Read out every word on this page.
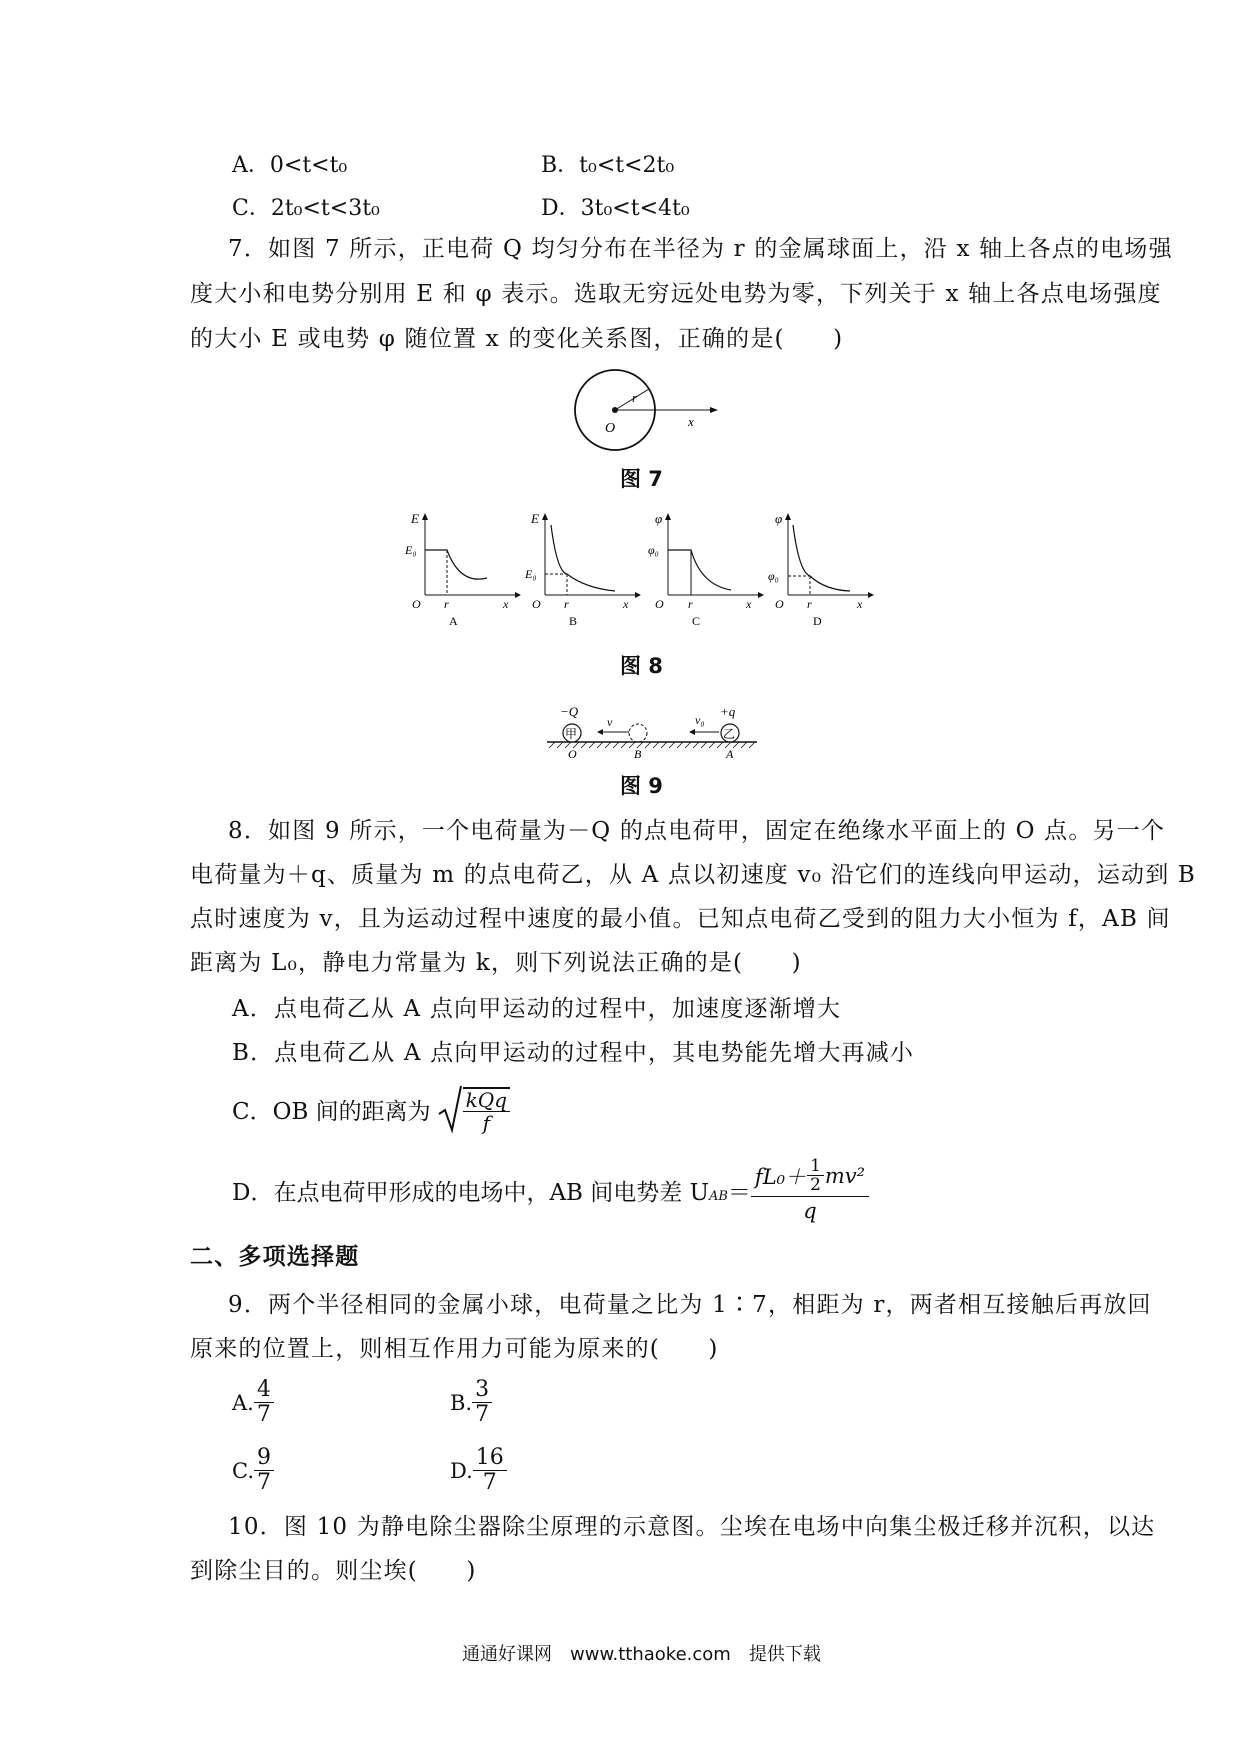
A．0<t<t₀	B．t₀<t<2t₀
C．2t₀<t<3t₀	D．3t₀<t<4t₀
7．如图 7 所示，正电荷 Q 均匀分布在半径为 r 的金属球面上，沿 x 轴上各点的电场强
度大小和电势分别用 E 和 φ 表示。选取无穷远处电势为零，下列关于 x 轴上各点电场强度
的大小 E 或电势 φ 随位置 x 的变化关系图，正确的是(　　)
O
r
x
图 7
E
E₀
O r	x
A
E
E₀
O r	x
B
φ
φ₀
O r	x
C
φ
φ₀
O r	x
D
图 8
甲
−Q
O	B
v
乙
+q
A
v₀
图 9
8．如图 9 所示，一个电荷量为－Q 的点电荷甲，固定在绝缘水平面上的 O 点。另一个
电荷量为＋q、质量为 m 的点电荷乙，从 A 点以初速度 v₀ 沿它们的连线向甲运动，运动到 B
点时速度为 v，且为运动过程中速度的最小值。已知点电荷乙受到的阻力大小恒为 f，AB 间
距离为 L₀，静电力常量为 k，则下列说法正确的是(　　)
A．点电荷乙从 A 点向甲运动的过程中，加速度逐渐增大
B．点电荷乙从 A 点向甲运动的过程中，其电势能先增大再减小
C．OB 间的距离为 kQq
f
D．在点电荷甲形成的电场中，AB 间电势差 $U_{AB}$ ＝
$fL_0+ \frac{1}{2} mv^2$
q
二、多项选择题
9．两个半径相同的金属小球，电荷量之比为 1∶7，相距为 r，两者相互接触后再放回
原来的位置上，则相互作用力可能为原来的(　　)
A. $\frac{4}{7}$	B. $\frac{3}{7}$
C. $\frac{9}{7}$	D. $\frac{16}{7}$
10．图 10 为静电除尘器除尘原理的示意图。尘埃在电场中向集尘极迁移并沉积，以达
到除尘目的。则尘埃(　　)
通通好课网　www.tthaoke.com　提供下载
